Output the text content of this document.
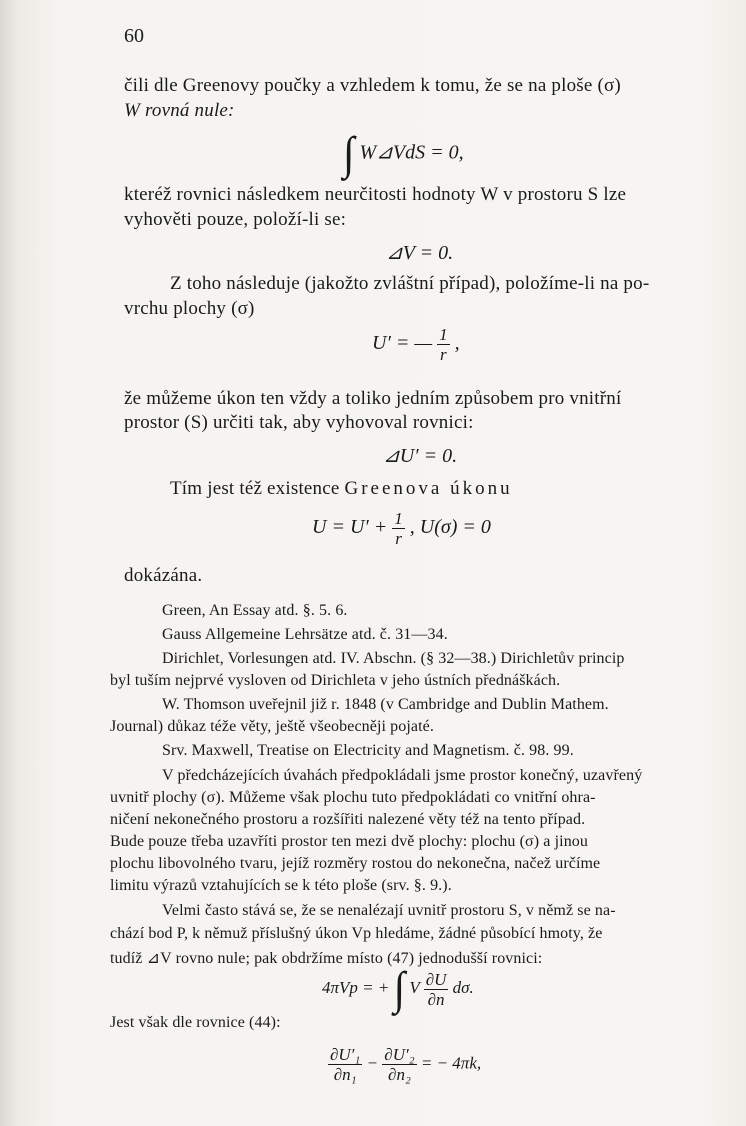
60
čili dle Greenovy poučky a vzhledem k tomu, že se na ploše (σ)
W rovná nule:
∫ W⊿VdS = 0,
kteréž rovnici následkem neurčitosti hodnoty W v prostoru S lze
vyhověti pouze, položí-li se:
⊿V = 0.
Z toho následuje (jakožto zvláštní případ), položíme-li na po-
vrchu plochy (σ)
U′ = — $\frac{1}{r}$ ,
že můžeme úkon ten vždy a toliko jedním způsobem pro vnitřní
prostor (S) určiti tak, aby vyhovoval rovnici:
⊿U′ = 0.
Tím jest též existence Greenova úkonu
$U = U' + \frac{1}{r}$ , U(σ) = 0
dokázána.
Green, An Essay atd. §. 5. 6.
Gauss Allgemeine Lehrsätze atd. č. 31—34.
Dirichlet, Vorlesungen atd. IV. Abschn. (§ 32—38.) Dirichletův princip
byl tuším nejprvé vysloven od Dirichleta v jeho ústních přednáškách.
W. Thomson uveřejnil již r. 1848 (v Cambridge and Dublin Mathem.
Journal) důkaz téže věty, ještě všeobecněji pojaté.
Srv. Maxwell, Treatise on Electricity and Magnetism. č. 98. 99.
V předcházejících úvahách předpokládali jsme prostor konečný, uzavřený
uvnitř plochy (σ). Můžeme však plochu tuto předpokládati co vnitřní ohra-
ničení nekonečného prostoru a rozšířiti nalezené věty též na tento případ.
Bude pouze třeba uzavříti prostor ten mezi dvě plochy: plochu (σ) a jinou
plochu libovolného tvaru, jejíž rozměry rostou do nekonečna, načež určíme
limitu výrazů vztahujících se k této ploše (srv. §. 9.).
Velmi často stává se, že se nenalézají uvnitř prostoru S, v němž se na-
chází bod P, k němuž příslušný úkon Vp hledáme, žádné působící hmoty, že
tudíž ⊿V rovno nule; pak obdržíme místo (47) jednodušší rovnici:
4πVp = + ∫ V $\frac{\partial U}{\partial n} d\sigma$.
Jest však dle rovnice (44):
$\frac{\text{∂U′₁}}{\text{∂n₁}} - \frac{\text{∂U′₂}}{\text{∂n₂}}$ = − 4πk,
